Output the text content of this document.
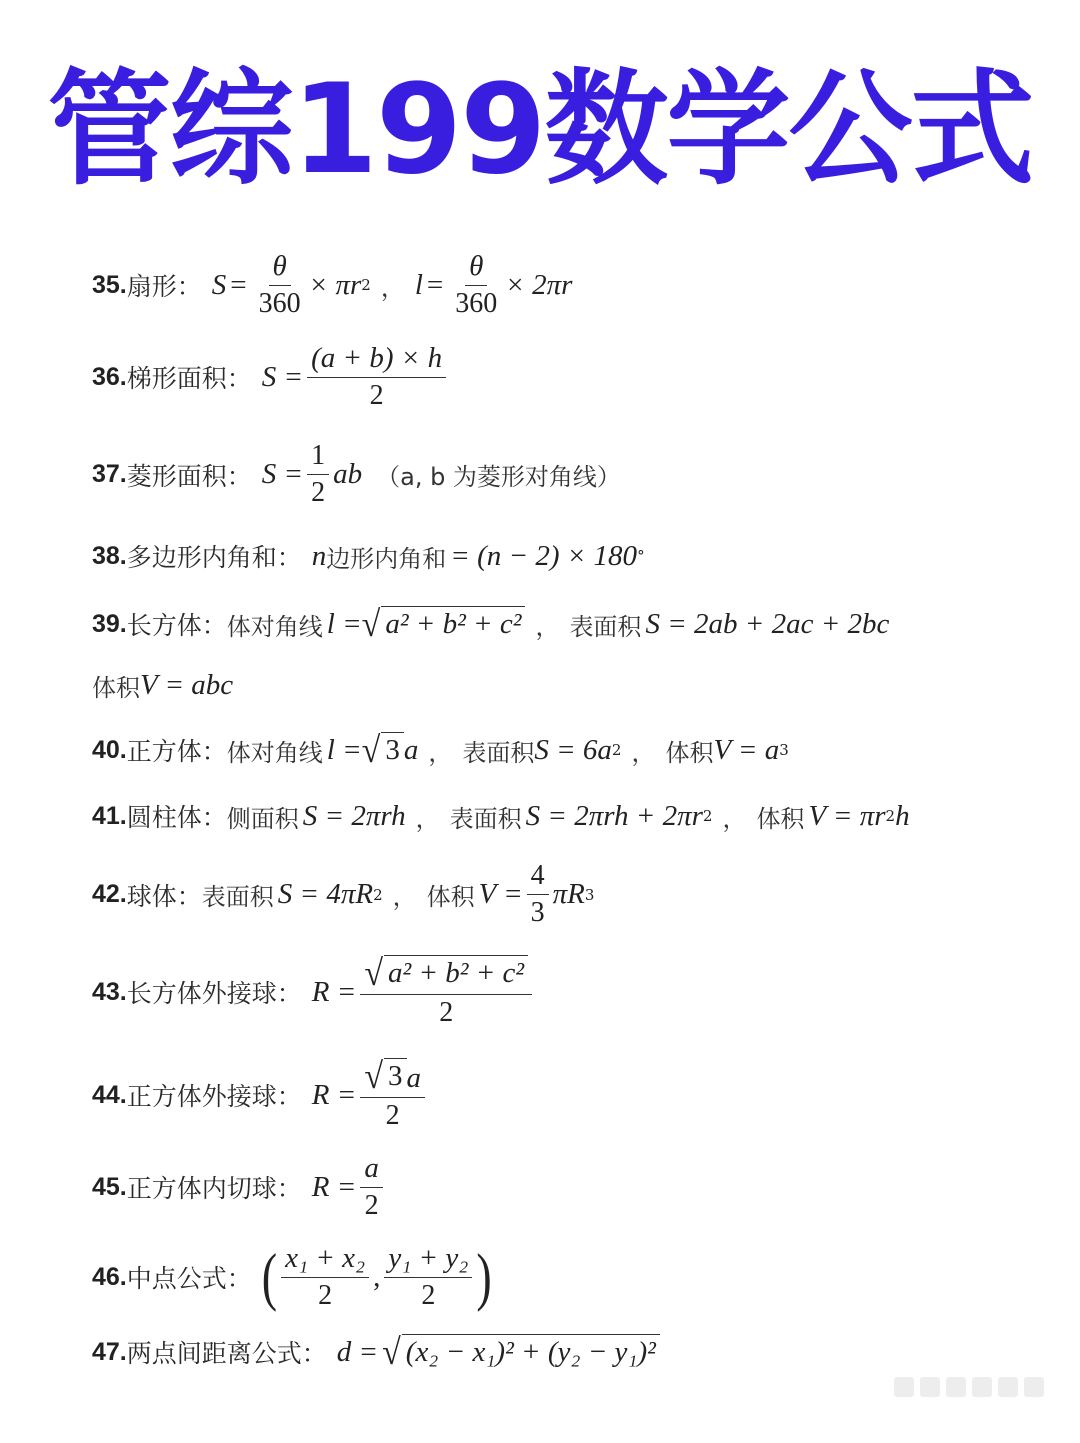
管综199数学公式
35. 扇形： $S = \frac{\theta}{360} \times \pi r$ 2 ， $l = \frac{\theta}{360} \times 2\pi r$
36. 梯形面积： $S = \frac{(a + b) \times h}{2}$
37. 菱形面积： $S = \frac{1}{2}$ ab （a, b 为菱形对角线）
38. 多边形内角和： n 边形内角和 = (n − 2) × 180 °
39. 长方体： 体对角线 l = √ a² + b² + c² ， 表面积 S = 2ab + 2ac + 2bc
体积 V = abc
40. 正方体： 体对角线 l = √ 3 a ， 表面积 S = 6a 2 ， 体积 V = a 3
41. 圆柱体： 侧面积 S = 2πrh ， 表面积 S = 2πrh + 2πr 2 ， 体积 V = πr 2 h
42. 球体： 表面积 S = 4πR 2 ， 体积 $V = \frac{4}{3}$ πR 3
43. 长方体外接球： $R = \frac{\text{√ a² + b² + c²}}{2}$
44. 正方体外接球： $R = \frac{√ 3 a}{2}$
45. 正方体内切球： $R = \frac{a}{2}$
46. 中点公式： ( $\frac{\text{x₁ + x₂}}{2}$ , $\frac{\text{y₁ + y₂}}{2}$ )
47. 两点间距离公式： d = √ (x₂ − x₁)² + (y₂ − y₁)²
